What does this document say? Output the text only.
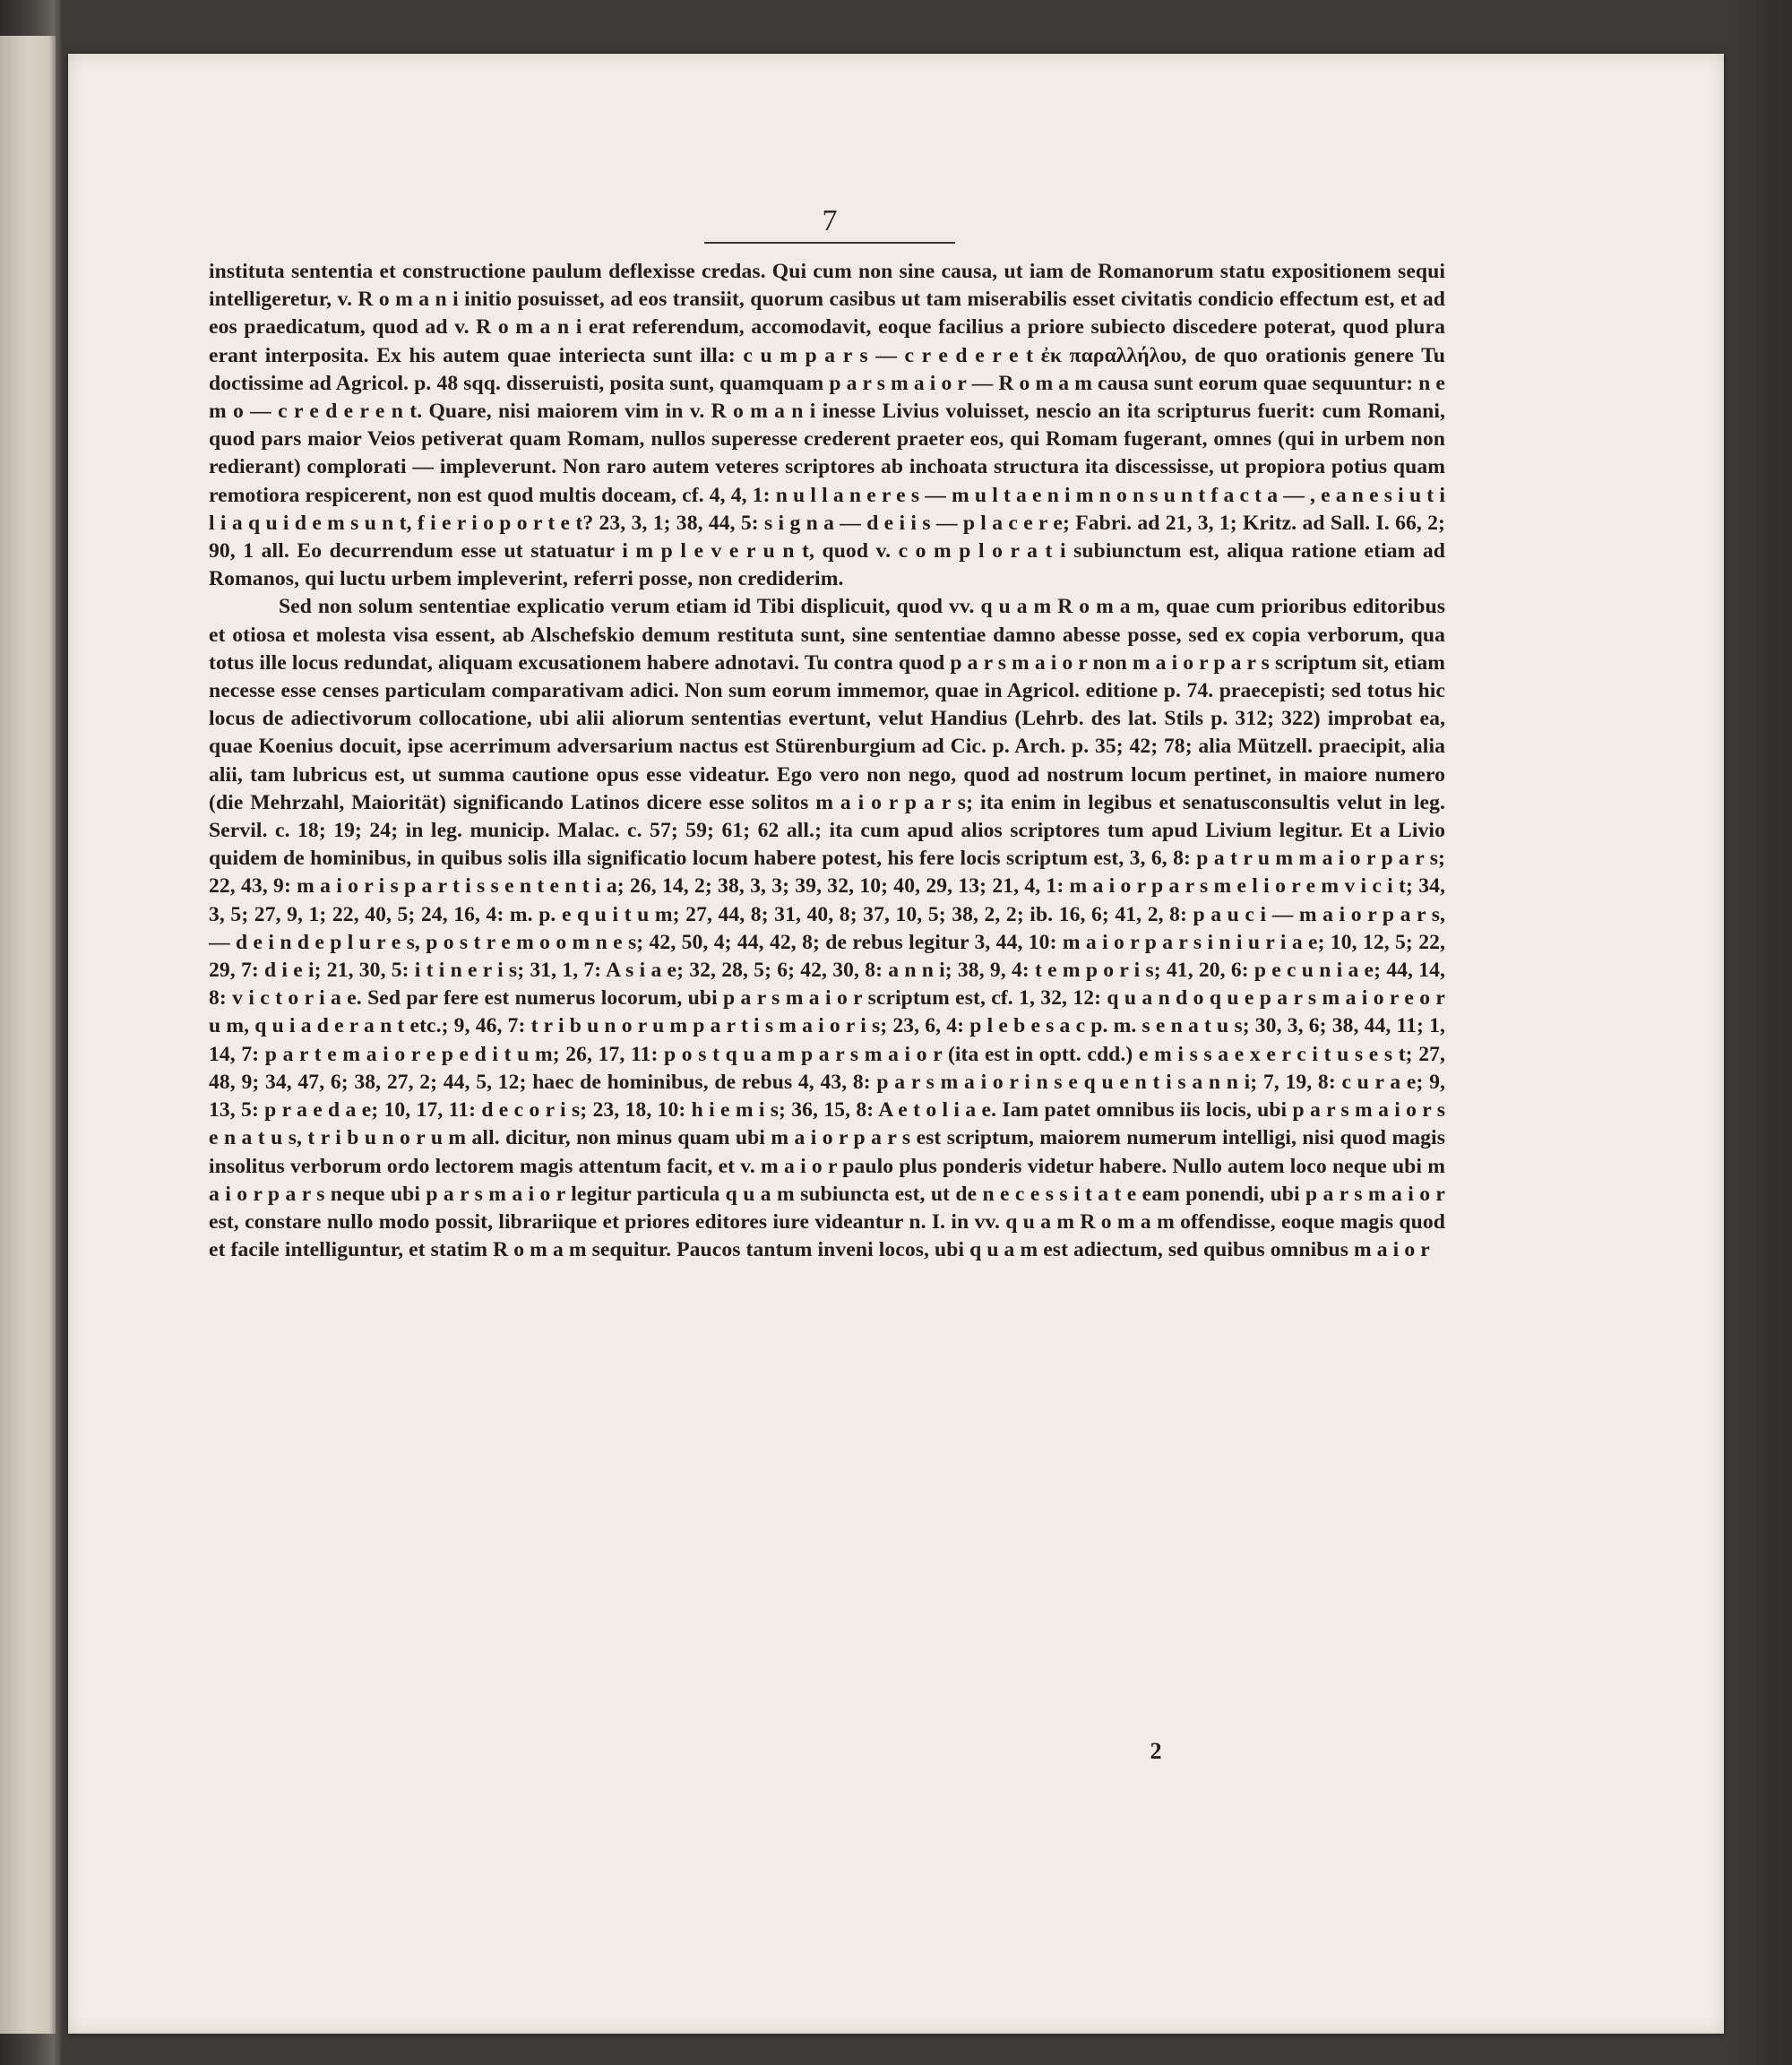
7

instituta sententia et constructione paulum deflexisse credas. Qui cum non sine causa, ut iam de Romanorum statu expositionem sequi intelligeretur, v. R o m a n i initio posuisset, ad eos transiit, quorum casibus ut tam miserabilis esset civitatis condicio effectum est, et ad eos praedicatum, quod ad v. R o m a n i erat referendum, accomodavit, eoque facilius a priore subiecto discedere poterat, quod plura erant interposita. Ex his autem quae interiecta sunt illa: c u m p a r s — c r e d e r e t ἐκ παραλλήλου, de quo orationis genere Tu doctissime ad Agricol. p. 48 sqq. disseruisti, posita sunt, quamquam p a r s m a i o r — R o m a m causa sunt eorum quae sequuntur: n e m o — c r e d e r e n t. Quare, nisi maiorem vim in v. R o m a n i inesse Livius voluisset, nescio an ita scripturus fuerit: cum Romani, quod pars maior Veios petiverat quam Romam, nullos superesse crederent praeter eos, qui Romam fugerant, omnes (qui in urbem non redierant) complorati — impleverunt. Non raro autem veteres scriptores ab inchoata structura ita discessisse, ut propiora potius quam remotiora respicerent, non est quod multis doceam, cf. 4, 4, 1: n u l l a n e r e s — m u l t a e n i m n o n s u n t f a c t a — , e a n e s i u t i l i a q u i d e m s u n t, f i e r i o p o r t e t? 23, 3, 1; 38, 44, 5: s i g n a — d e i i s — p l a c e r e; Fabri. ad 21, 3, 1; Kritz. ad Sall. I. 66, 2; 90, 1 all. Eo decurrendum esse ut statuatur i m p l e v e r u n t, quod v. c o m p l o r a t i subiunctum est, aliqua ratione etiam ad Romanos, qui luctu urbem impleverint, referri posse, non crediderim.

Sed non solum sententiae explicatio verum etiam id Tibi displicuit, quod vv. q u a m R o m a m, quae cum prioribus editoribus et otiosa et molesta visa essent, ab Alschefskio demum restituta sunt, sine sententiae damno abesse posse, sed ex copia verborum, qua totus ille locus redundat, aliquam excusationem habere adnotavi. Tu contra quod p a r s m a i o r non m a i o r p a r s scriptum sit, etiam necesse esse censes particulam comparativam adici. Non sum eorum immemor, quae in Agricol. editione p. 74. praecepisti; sed totus hic locus de adiectivorum collocatione, ubi alii aliorum sententias evertunt, velut Handius (Lehrb. des lat. Stils p. 312; 322) improbat ea, quae Koenius docuit, ipse acerrimum adversarium nactus est Stürenburgium ad Cic. p. Arch. p. 35; 42; 78; alia Mützell. praecipit, alia alii, tam lubricus est, ut summa cautione opus esse videatur. Ego vero non nego, quod ad nostrum locum pertinet, in maiore numero (die Mehrzahl, Maiorität) significando Latinos dicere esse solitos m a i o r p a r s; ita enim in legibus et senatusconsultis velut in leg. Servil. c. 18; 19; 24; in leg. municip. Malac. c. 57; 59; 61; 62 all.; ita cum apud alios scriptores tum apud Livium legitur. Et a Livio quidem de hominibus, in quibus solis illa significatio locum habere potest, his fere locis scriptum est, 3, 6, 8: p a t r u m m a i o r p a r s; 22, 43, 9: m a i o r i s p a r t i s s e n t e n t i a; 26, 14, 2; 38, 3, 3; 39, 32, 10; 40, 29, 13; 21, 4, 1: m a i o r p a r s m e l i o r e m v i c i t; 34, 3, 5; 27, 9, 1; 22, 40, 5; 24, 16, 4: m. p. e q u i t u m; 27, 44, 8; 31, 40, 8; 37, 10, 5; 38, 2, 2; ib. 16, 6; 41, 2, 8: p a u c i — m a i o r p a r s, — d e i n d e p l u r e s, p o s t r e m o o m n e s; 42, 50, 4; 44, 42, 8; de rebus legitur 3, 44, 10: m a i o r p a r s i n i u r i a e; 10, 12, 5; 22, 29, 7: d i e i; 21, 30, 5: i t i n e r i s; 31, 1, 7: A s i a e; 32, 28, 5; 6; 42, 30, 8: a n n i; 38, 9, 4: t e m p o r i s; 41, 20, 6: p e c u n i a e; 44, 14, 8: v i c t o r i a e. Sed par fere est numerus locorum, ubi p a r s m a i o r scriptum est, cf. 1, 32, 12: q u a n d o q u e p a r s m a i o r e o r u m, q u i a d e r a n t etc.; 9, 46, 7: t r i b u n o r u m p a r t i s m a i o r i s; 23, 6, 4: p l e b e s a c p. m. s e n a t u s; 30, 3, 6; 38, 44, 11; 1, 14, 7: p a r t e m a i o r e p e d i t u m; 26, 17, 11: p o s t q u a m p a r s m a i o r (ita est in optt. cdd.) e m i s s a e x e r c i t u s e s t; 27, 48, 9; 34, 47, 6; 38, 27, 2; 44, 5, 12; haec de hominibus, de rebus 4, 43, 8: p a r s m a i o r i n s e q u e n t i s a n n i; 7, 19, 8: c u r a e; 9, 13, 5: p r a e d a e; 10, 17, 11: d e c o r i s; 23, 18, 10: h i e m i s; 36, 15, 8: A e t o l i a e. Iam patet omnibus iis locis, ubi p a r s m a i o r s e n a t u s, t r i b u n o r u m all. dicitur, non minus quam ubi m a i o r p a r s est scriptum, maiorem numerum intelligi, nisi quod magis insolitus verborum ordo lectorem magis attentum facit, et v. m a i o r paulo plus ponderis videtur habere. Nullo autem loco neque ubi m a i o r p a r s neque ubi p a r s m a i o r legitur particula q u a m subiuncta est, ut de n e c e s s i t a t e eam ponendi, ubi p a r s m a i o r est, constare nullo modo possit, librariique et priores editores iure videantur n. I. in vv. q u a m R o m a m offendisse, eoque magis quod et facile intelliguntur, et statim R o m a m sequitur. Paucos tantum inveni locos, ubi q u a m est adiectum, sed quibus omnibus m a i o r

2
